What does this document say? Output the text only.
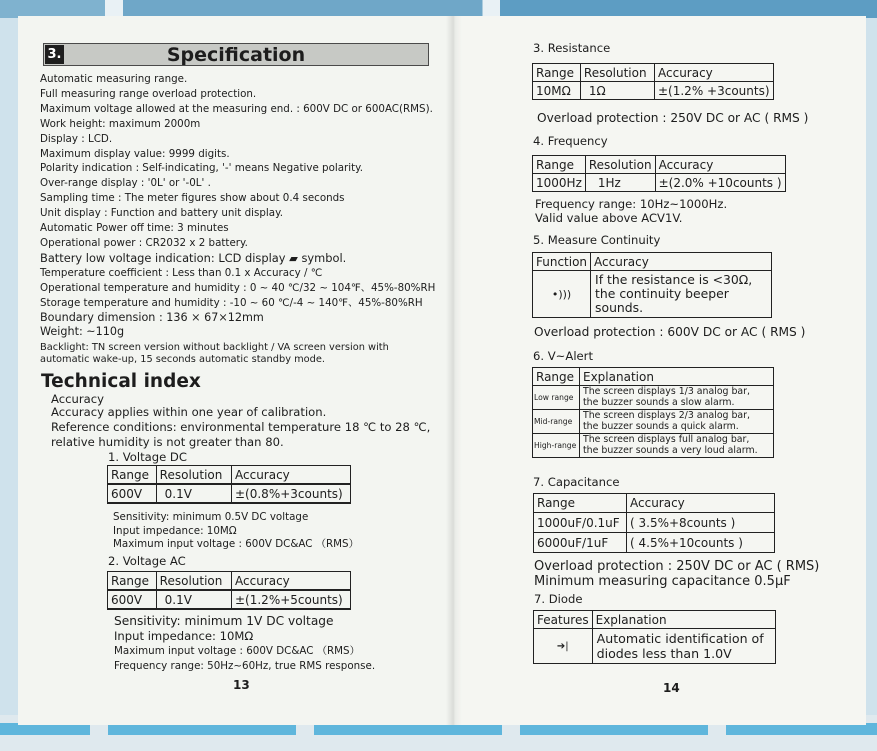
3.	Specification
Automatic measuring range.
Full measuring range overload protection.
Maximum voltage allowed at the measuring end. : 600V DC or 600AC(RMS).
Work height: maximum 2000m
Display : LCD.
Maximum display value: 9999 digits.
Polarity indication : Self-indicating, '-' means Negative polarity.
Over-range display : '0L' or '-0L' .
Sampling time : The meter figures show about 0.4 seconds
Unit display : Function and battery unit display.
Automatic Power off time: 3 minutes
Operational power : CR2032 x 2 battery.
Battery low voltage indication: LCD display ▰ symbol.
Temperature coefficient : Less than 0.1 x Accuracy / ℃
Operational temperature and humidity : 0 ~ 40 ℃/32 ~ 104℉、45%-80%RH
Storage temperature and humidity : -10 ~ 60 ℃/-4 ~ 140℉、45%-80%RH
Boundary dimension : 136 × 67×12mm
Weight: ~110g
Backlight: TN screen version without backlight / VA screen version with
automatic wake-up, 15 seconds automatic standby mode.
Technical index
Accuracy
Accuracy applies within one year of calibration.
Reference conditions: environmental temperature 18 ℃ to 28 ℃,
relative humidity is not greater than 80.
1. Voltage DC
Range	Resolution	Accuracy
600V	0.1V	±(0.8%+3counts)
Sensitivity: minimum 0.5V DC voltage
Input impedance: 10MΩ
Maximum input voltage : 600V DC&AC （RMS）
2. Voltage AC
Range	Resolution	Accuracy
600V	0.1V	±(1.2%+5counts)
Sensitivity: minimum 1V DC voltage
Input impedance: 10MΩ
Maximum input voltage : 600V DC&AC （RMS）
Frequency range: 50Hz~60Hz, true RMS response.
13
3. Resistance
Range	Resolution	Accuracy
10MΩ	1Ω	±(1.2% +3counts)
Overload protection : 250V DC or AC ( RMS )
4. Frequency
Range	Resolution	Accuracy
1000Hz	1Hz	±(2.0% +10counts )
Frequency range: 10Hz~1000Hz.
Valid value above ACV1V.
5. Measure Continuity
Function	Accuracy
•)))	If the resistance is <30Ω,
the continuity beeper
sounds.
Overload protection : 600V DC or AC ( RMS )
6. V~Alert
Range	Explanation
Low range	The screen displays 1/3 analog bar,
the buzzer sounds a slow alarm.

Mid-range	The screen displays 2/3 analog bar,
the buzzer sounds a quick alarm.

High-range	The screen displays full analog bar,
the buzzer sounds a very loud alarm.
7. Capacitance
Range	Accuracy
1000uF/0.1uF	( 3.5%+8counts )
6000uF/1uF	( 4.5%+10counts )
Overload protection : 250V DC or AC ( RMS)
Minimum measuring capacitance 0.5μF
7. Diode
Features	Explanation
➔|	Automatic identification of
diodes less than 1.0V
14
